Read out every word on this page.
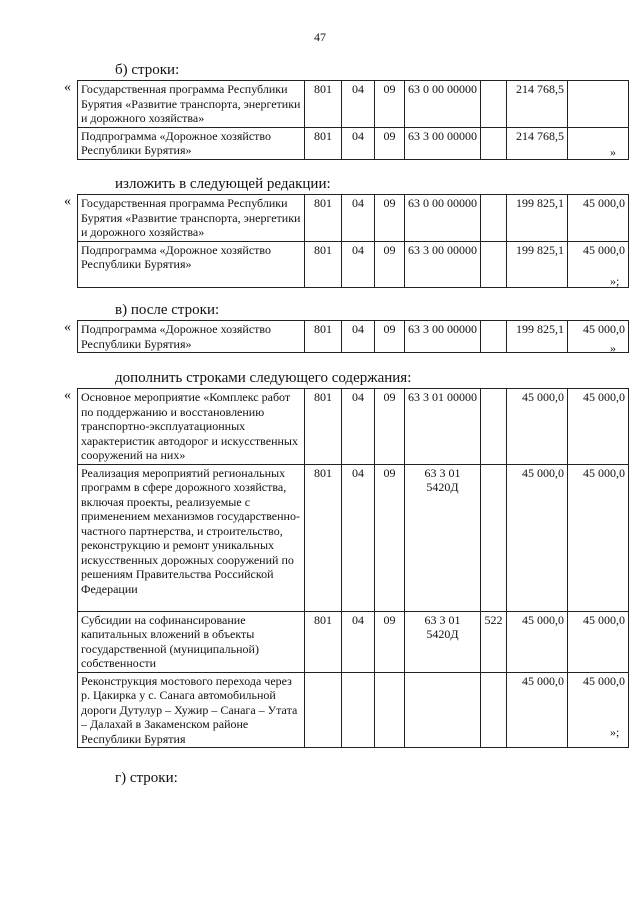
47
б) строки:
« Государственная программа Республики Бурятия «Развитие транспорта, энергетики и дорожного хозяйства»	801	04	09	63 0 00 00000		214 768,5	
Подпрограмма «Дорожное хозяйство Республики Бурятия»	801	04	09	63 3 00 00000		214 768,5	
»
изложить в следующей редакции:
« Государственная программа Республики Бурятия «Развитие транспорта, энергетики и дорожного хозяйства»	801	04	09	63 0 00 00000		199 825,1	45 000,0
Подпрограмма «Дорожное хозяйство Республики Бурятия»	801	04	09	63 3 00 00000		199 825,1	45 000,0
»;
в) после строки:
« Подпрограмма «Дорожное хозяйство Республики Бурятия»	801	04	09	63 3 00 00000		199 825,1	45 000,0
»
дополнить строками следующего содержания:
« Основное мероприятие «Комплекс работ по поддержанию и восстановлению транспортно-эксплуатационных характеристик автодорог и искусственных сооружений на них»	801	04	09	63 3 01 00000		45 000,0	45 000,0
Реализация мероприятий региональных программ в сфере дорожного хозяйства, включая проекты, реализуемые с применением механизмов государственно-частного партнерства, и строительство, реконструкцию и ремонт уникальных искусственных дорожных сооружений по решениям Правительства Российской Федерации	801	04	09	63 3 01 5420Д		45 000,0	45 000,0
Субсидии на софинансирование капитальных вложений в объекты государственной (муниципальной) собственности	801	04	09	63 3 01 5420Д	522	45 000,0	45 000,0
Реконструкция мостового перехода через р. Цакирка у с. Санага автомобильной дороги Дутулур – Хужир – Санага – Утата – Далахай в Закаменском районе Республики Бурятия						45 000,0	45 000,0
»;
г) строки:
